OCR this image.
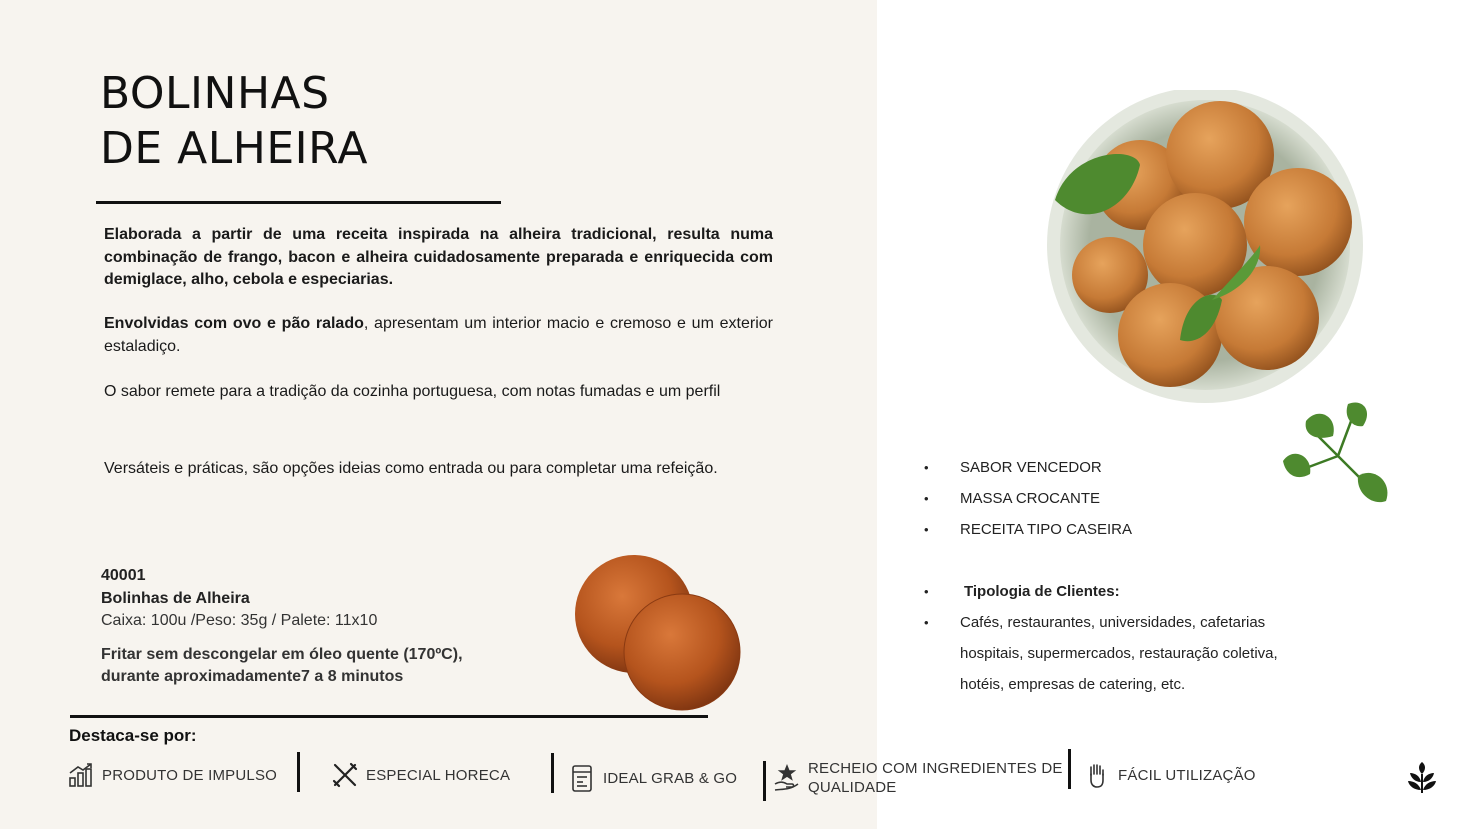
BOLINHAS
DE ALHEIRA

Elaborada a partir de uma receita inspirada na alheira tradicional, resulta numa combinação de frango, bacon e alheira cuidadosamente preparada e enriquecida com demiglace, alho, cebola e especiarias.

Envolvidas com ovo e pão ralado, apresentam um interior macio e cremoso e um exterior estaladiço.

O sabor remete para a tradição da cozinha portuguesa, com notas fumadas e um perfil

Versáteis e práticas, são opções ideias como entrada ou para completar uma refeição.

40001
Bolinhas de Alheira
Caixa: 100u /Peso: 35g / Palete: 11x10
Fritar sem descongelar em óleo quente (170ºC),
durante aproximadamente7 a 8 minutos
Destaca-se por:
PRODUTO DE IMPULSO	ESPECIAL HORECA	IDEAL GRAB & GO
RECHEIO COM INGREDIENTES DE
QUALIDADE
FÁCIL UTILIZAÇÃO
•	SABOR VENCEDOR
•	MASSA CROCANTE
•	RECEITA TIPO CASEIRA
•	Tipologia de Clientes:
•	Cafés, restaurantes, universidades, cafetarias
hospitais, supermercados, restauração coletiva,
hotéis, empresas de catering, etc.
